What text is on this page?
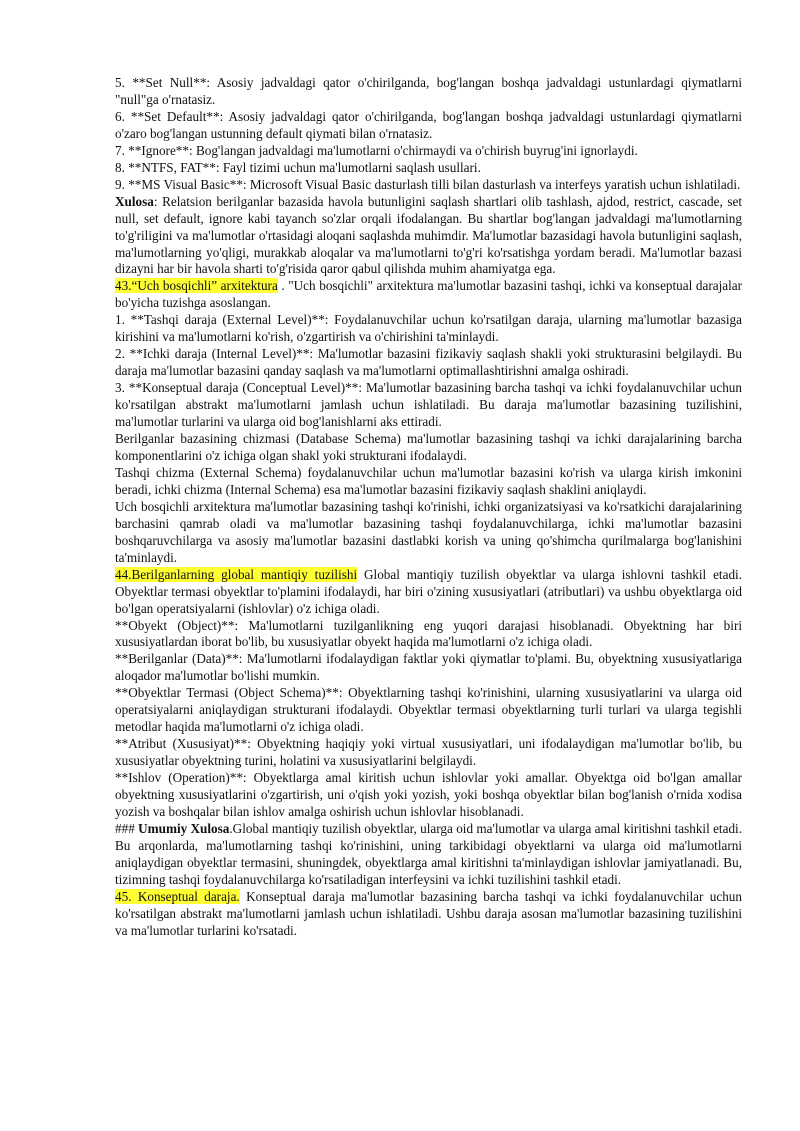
5. **Set Null**: Asosiy jadvaldagi qator o'chirilganda, bog'langan boshqa jadvaldagi ustunlardagi qiymatlarni "null"ga o'rnatasiz.

6. **Set Default**: Asosiy jadvaldagi qator o'chirilganda, bog'langan boshqa jadvaldagi ustunlardagi qiymatlarni o'zaro bog'langan ustunning default qiymati bilan o'rnatasiz.

7. **Ignore**: Bog'langan jadvaldagi ma'lumotlarni o'chirmaydi va o'chirish buyrug'ini ignorlaydi.

8. **NTFS, FAT**: Fayl tizimi uchun ma'lumotlarni saqlash usullari.

9. **MS Visual Basic**: Microsoft Visual Basic dasturlash tilli bilan dasturlash va interfeys yaratish uchun ishlatiladi.

Xulosa: Relatsion berilganlar bazasida havola butunligini saqlash shartlari olib tashlash, ajdod, restrict, cascade, set null, set default, ignore kabi tayanch so'zlar orqali ifodalangan. Bu shartlar bog'langan jadvaldagi ma'lumotlarning to'g'riligini va ma'lumotlar o'rtasidagi aloqani saqlashda muhimdir. Ma'lumotlar bazasidagi havola butunligini saqlash, ma'lumotlarning yo'qligi, murakkab aloqalar va ma'lumotlarni to'g'ri ko'rsatishga yordam beradi. Ma'lumotlar bazasi dizayni har bir havola sharti to'g'risida qaror qabul qilishda muhim ahamiyatga ega.

43.“Uch bosqichli” arxitektura . "Uch bosqichli" arxitektura ma'lumotlar bazasini tashqi, ichki va konseptual darajalar bo'yicha tuzishga asoslangan.

1. **Tashqi daraja (External Level)**: Foydalanuvchilar uchun ko'rsatilgan daraja, ularning ma'lumotlar bazasiga kirishini va ma'lumotlarni ko'rish, o'zgartirish va o'chirishini ta'minlaydi.

2. **Ichki daraja (Internal Level)**: Ma'lumotlar bazasini fizikaviy saqlash shakli yoki strukturasini belgilaydi. Bu daraja ma'lumotlar bazasini qanday saqlash va ma'lumotlarni optimallashtirishni amalga oshiradi.

3. **Konseptual daraja (Conceptual Level)**: Ma'lumotlar bazasining barcha tashqi va ichki foydalanuvchilar uchun ko'rsatilgan abstrakt ma'lumotlarni jamlash uchun ishlatiladi. Bu daraja ma'lumotlar bazasining tuzilishini, ma'lumotlar turlarini va ularga oid bog'lanishlarni aks ettiradi.

Berilganlar bazasining chizmasi (Database Schema) ma'lumotlar bazasining tashqi va ichki darajalarining barcha komponentlarini o'z ichiga olgan shakl yoki strukturani ifodalaydi.

Tashqi chizma (External Schema) foydalanuvchilar uchun ma'lumotlar bazasini ko'rish va ularga kirish imkonini beradi, ichki chizma (Internal Schema) esa ma'lumotlar bazasini fizikaviy saqlash shaklini aniqlaydi.

Uch bosqichli arxitektura ma'lumotlar bazasining tashqi ko'rinishi, ichki organizatsiyasi va ko'rsatkichi darajalarining barchasini qamrab oladi va ma'lumotlar bazasining tashqi foydalanuvchilarga, ichki ma'lumotlar bazasini boshqaruvchilarga va asosiy ma'lumotlar bazasini dastlabki korish va uning qo'shimcha qurilmalarga bog'lanishini ta'minlaydi.

44.Berilganlarning global mantiqiy tuzilishi Global mantiqiy tuzilish obyektlar va ularga ishlovni tashkil etadi. Obyektlar termasi obyektlar to'plamini ifodalaydi, har biri o'zining xususiyatlari (atributlari) va ushbu obyektlarga oid bo'lgan operatsiyalarni (ishlovlar) o'z ichiga oladi.

**Obyekt (Object)**: Ma'lumotlarni tuzilganlikning eng yuqori darajasi hisoblanadi. Obyektning har biri xususiyatlardan iborat bo'lib, bu xususiyatlar obyekt haqida ma'lumotlarni o'z ichiga oladi.

**Berilganlar (Data)**: Ma'lumotlarni ifodalaydigan faktlar yoki qiymatlar to'plami. Bu, obyektning xususiyatlariga aloqador ma'lumotlar bo'lishi mumkin.

**Obyektlar Termasi (Object Schema)**: Obyektlarning tashqi ko'rinishini, ularning xususiyatlarini va ularga oid operatsiyalarni aniqlaydigan strukturani ifodalaydi. Obyektlar termasi obyektlarning turli turlari va ularga tegishli metodlar haqida ma'lumotlarni o'z ichiga oladi.

**Atribut (Xususiyat)**: Obyektning haqiqiy yoki virtual xususiyatlari, uni ifodalaydigan ma'lumotlar bo'lib, bu xususiyatlar obyektning turini, holatini va xususiyatlarini belgilaydi.

**Ishlov (Operation)**: Obyektlarga amal kiritish uchun ishlovlar yoki amallar. Obyektga oid bo'lgan amallar obyektning xususiyatlarini o'zgartirish, uni o'qish yoki yozish, yoki boshqa obyektlar bilan bog'lanish o'rnida xodisa yozish va boshqalar bilan ishlov amalga oshirish uchun ishlovlar hisoblanadi.

### Umumiy Xulosa.Global mantiqiy tuzilish obyektlar, ularga oid ma'lumotlar va ularga amal kiritishni tashkil etadi. Bu arqonlarda, ma'lumotlarning tashqi ko'rinishini, uning tarkibidagi obyektlarni va ularga oid ma'lumotlarni aniqlaydigan obyektlar termasini, shuningdek, obyektlarga amal kiritishni ta'minlaydigan ishlovlar jamiyatlanadi. Bu, tizimning tashqi foydalanuvchilarga ko'rsatiladigan interfeysini va ichki tuzilishini tashkil etadi.

45. Konseptual daraja. Konseptual daraja ma'lumotlar bazasining barcha tashqi va ichki foydalanuvchilar uchun ko'rsatilgan abstrakt ma'lumotlarni jamlash uchun ishlatiladi. Ushbu daraja asosan ma'lumotlar bazasining tuzilishini va ma'lumotlar turlarini ko'rsatadi.
